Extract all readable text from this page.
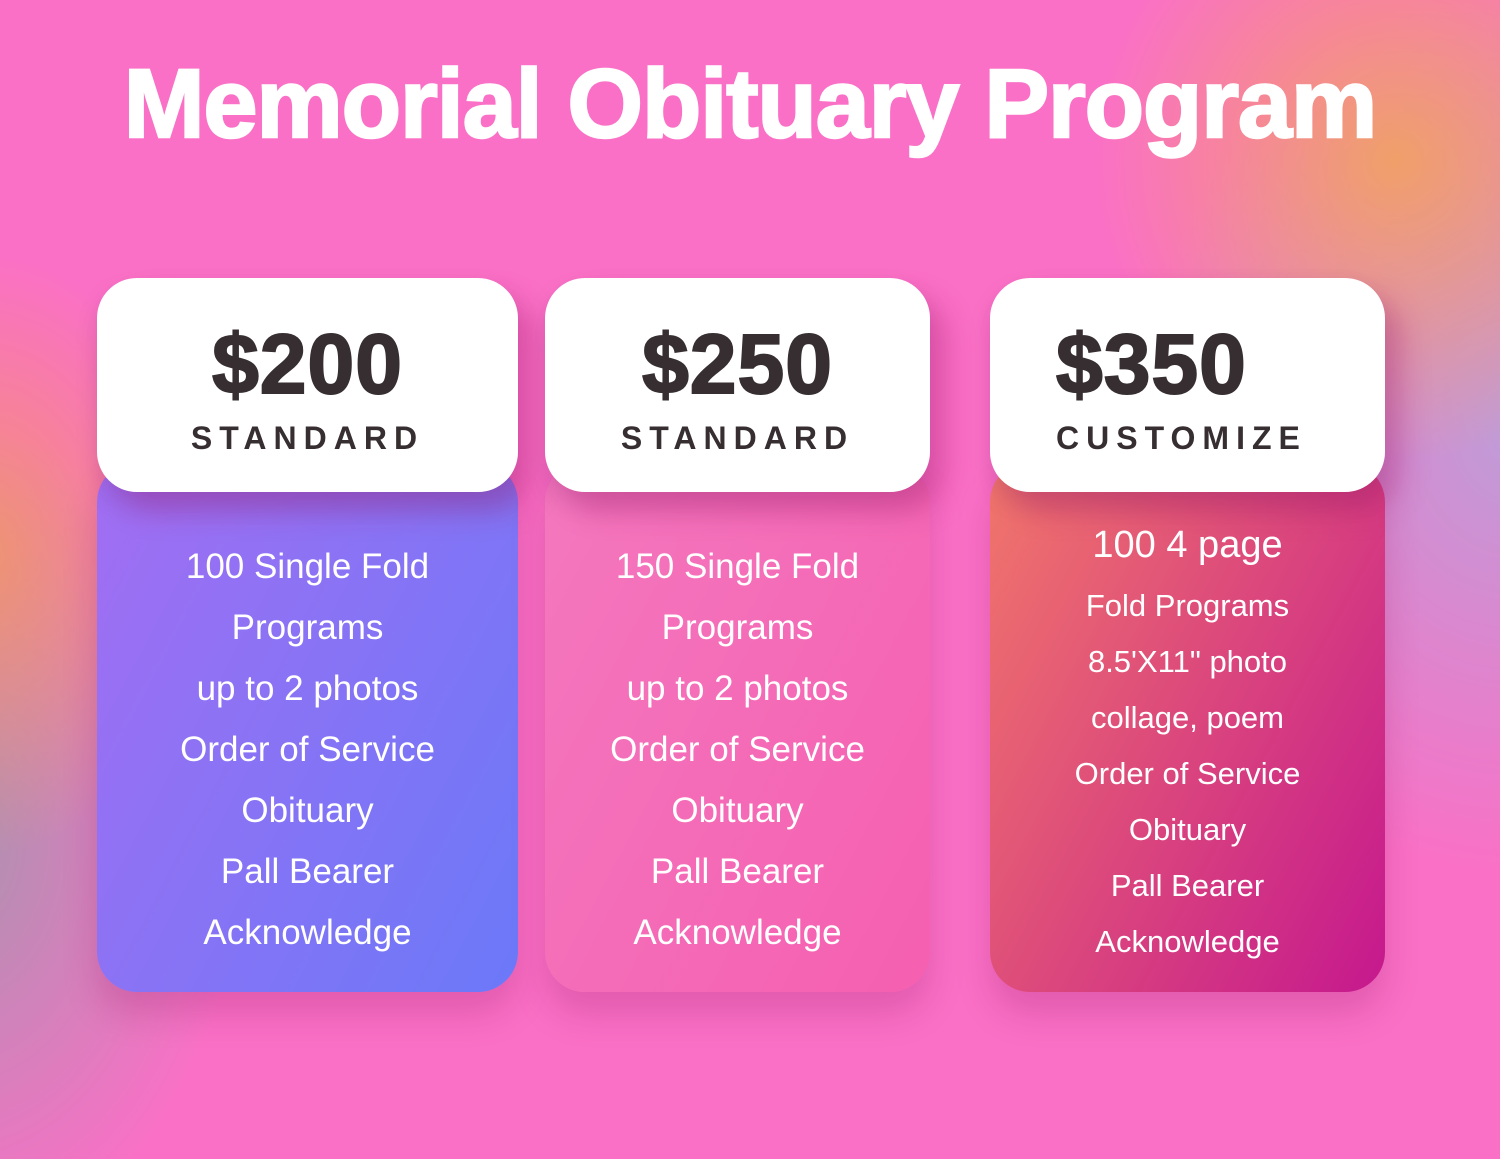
Memorial Obituary Program
$200
STANDARD
100 Single Fold
Programs
up to 2 photos
Order of Service
Obituary
Pall Bearer
Acknowledge
$250
STANDARD
150 Single Fold
Programs
up to 2 photos
Order of Service
Obituary
Pall Bearer
Acknowledge
$350
CUSTOMIZE
100 4 page
Fold Programs
8.5'X11" photo
collage, poem
Order of Service
Obituary
Pall Bearer
Acknowledge
